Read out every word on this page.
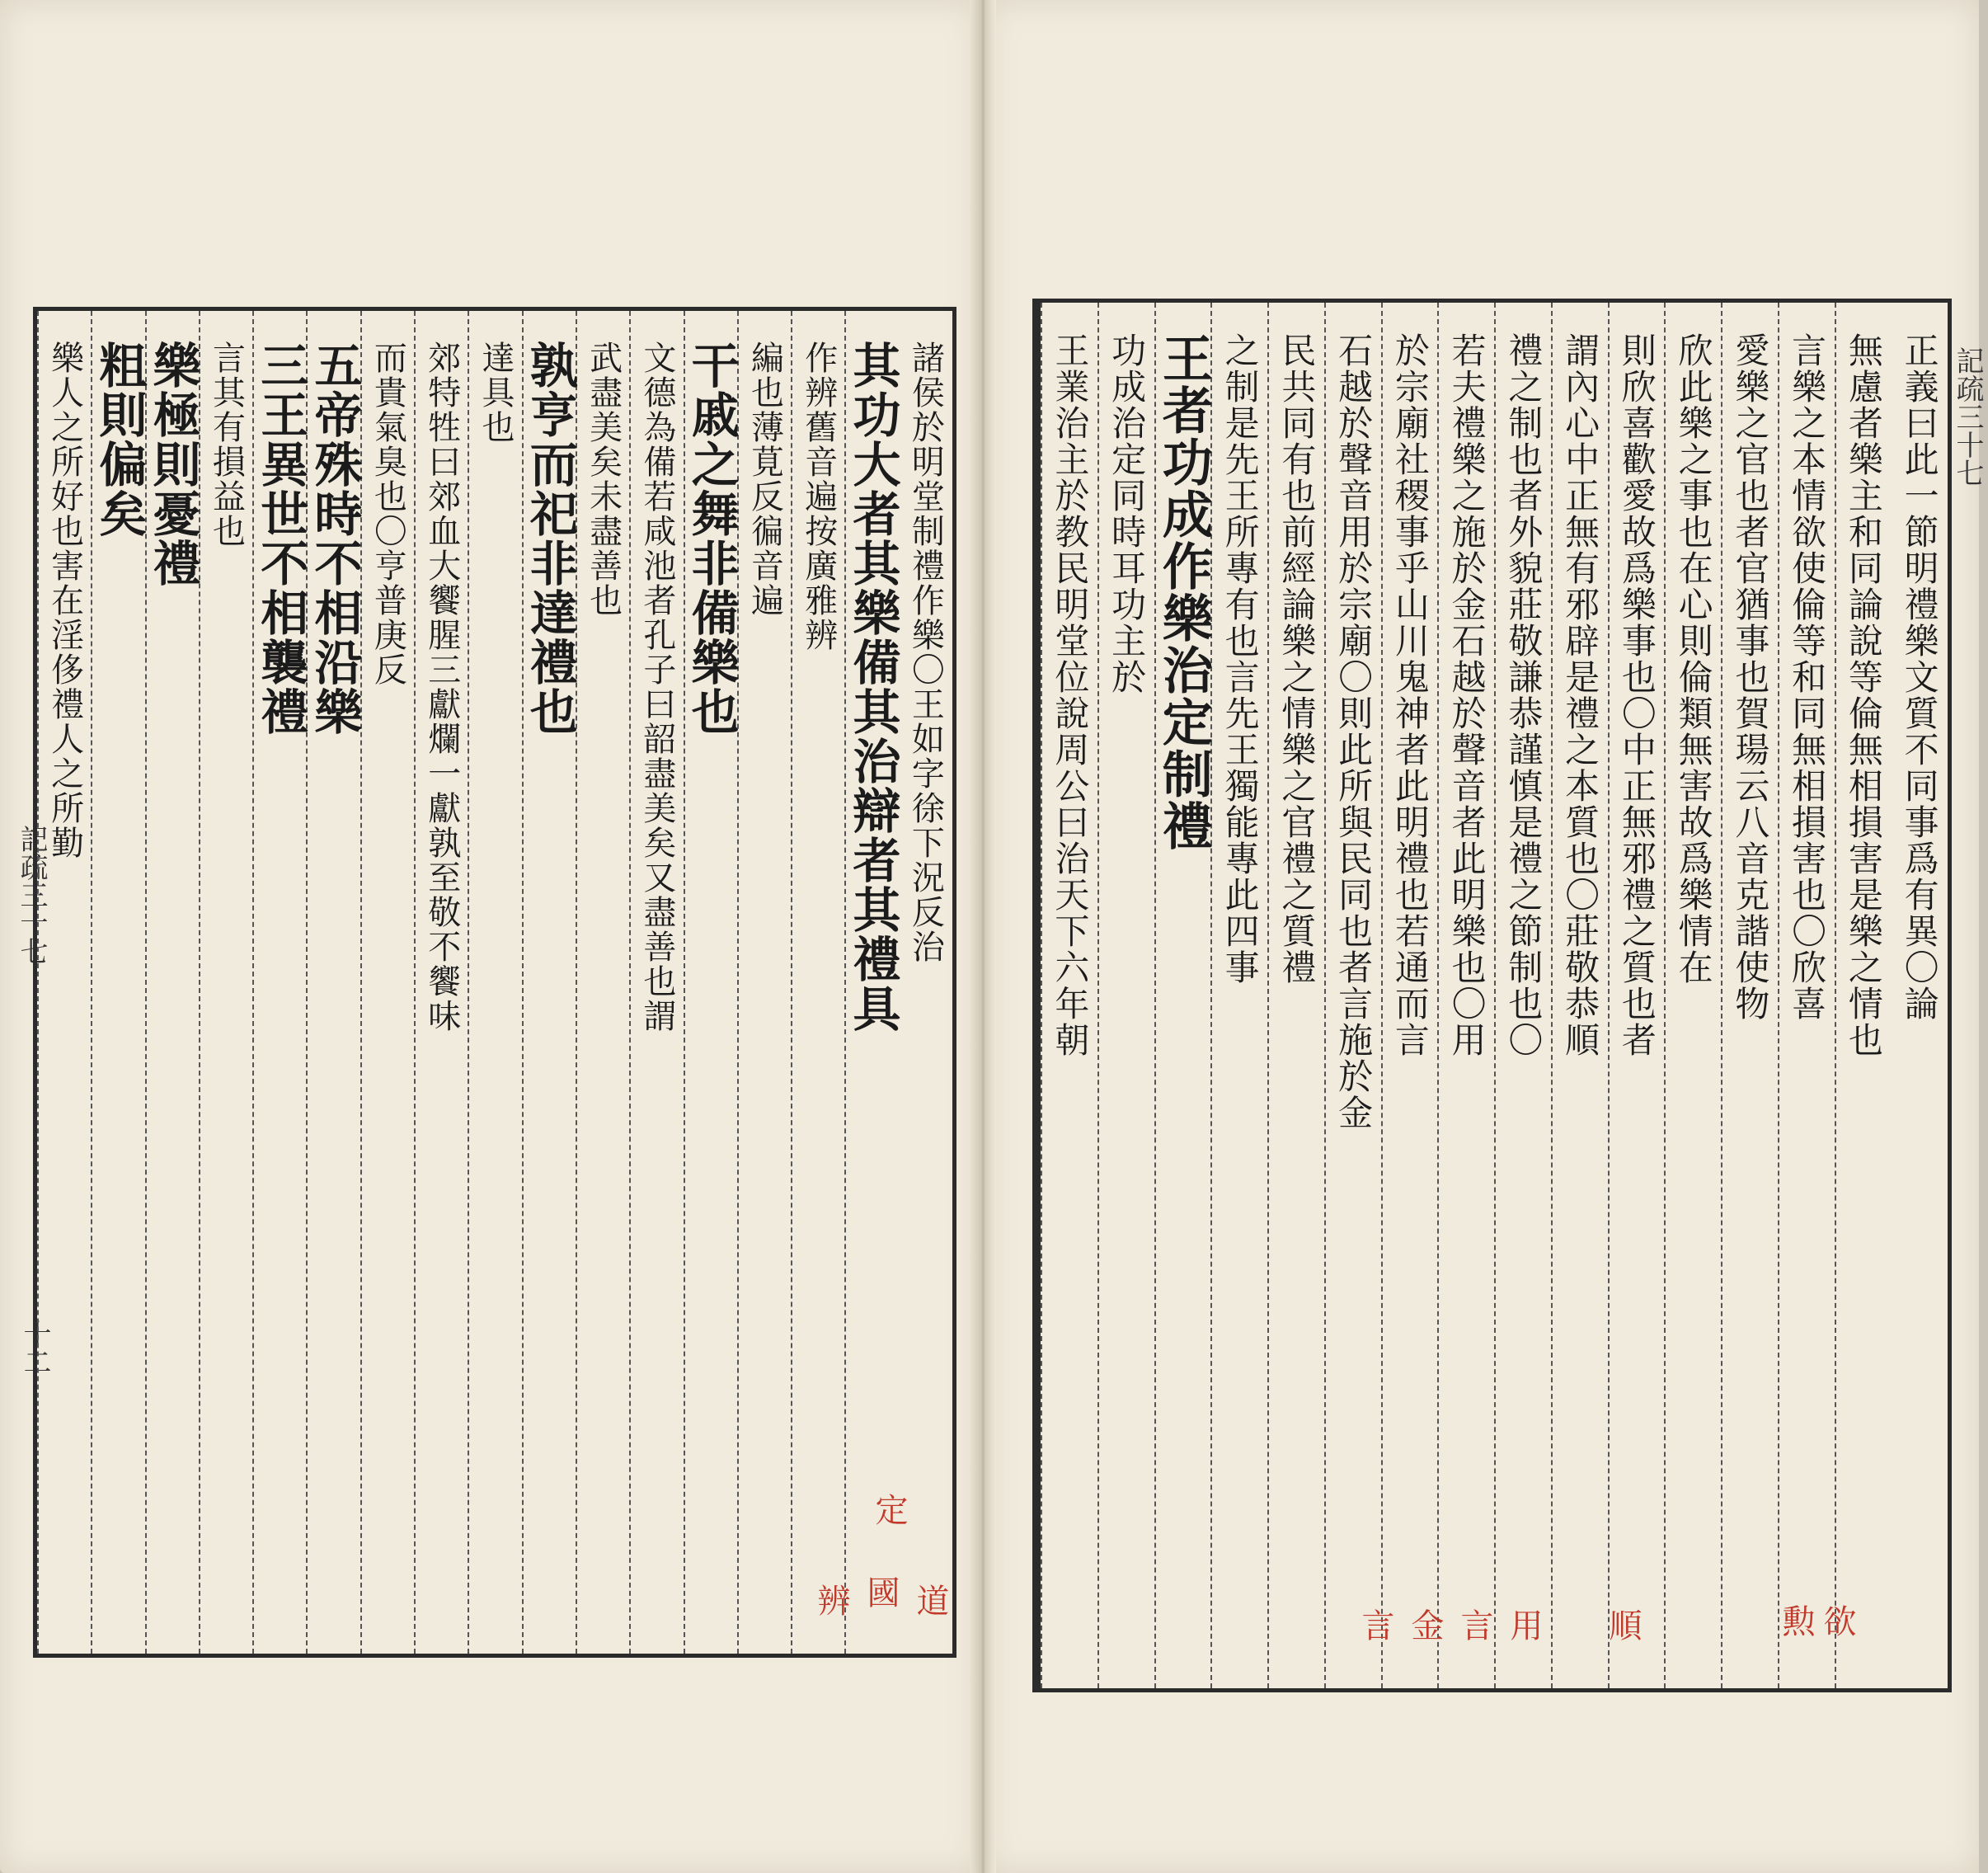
記疏三十七
十二
記疏三十七
諸侯於明堂制禮作樂〇王如字徐下況反治
其功大者其樂備其治辯者其禮具
作辨舊音遍按廣雅辨
編也薄莧反徧音遍
干戚之舞非備樂也
文德為備若咸池者孔子曰韶盡美矣又盡善也謂
武盡美矣未盡善也
孰亨而祀非達禮也
達具也
郊特牲曰郊血大饗腥三獻爛一獻孰至敬不饗味
而貴氣臭也〇亨普庚反
五帝殊時不相沿樂
三王異世不相襲禮
言其有損益也
樂極則憂禮
粗則偏矣
樂人之所好也害在淫侈禮人之所勤	正義曰此一節明禮樂文質不同事爲有異〇論
無慮者樂主和同論說等倫無相損害是樂之情也
言樂之本情欲使倫等和同無相損害也〇欣喜
愛樂之官也者官猶事也賀瑒云八音克諧使物
欣此樂之事也在心則倫類無害故爲樂情在
則欣喜歡愛故爲樂事也〇中正無邪禮之質也者
謂內心中正無有邪辟是禮之本質也〇莊敬恭順
禮之制也者外貌莊敬謙恭謹慎是禮之節制也〇
若夫禮樂之施於金石越於聲音者此明樂也〇用
於宗廟社稷事乎山川鬼神者此明禮也若通而言
石越於聲音用於宗廟〇則此所與民同也者言施於金
民共同有也前經論樂之情樂之官禮之質禮
之制是先王所專有也言先王獨能專此四事
王者功成作樂治定制禮
功成治定同時耳功主於
王業治主於教民明堂位說周公曰治天下六年朝
定
道
國
辨
欲
勲
順
用
言
金
言
